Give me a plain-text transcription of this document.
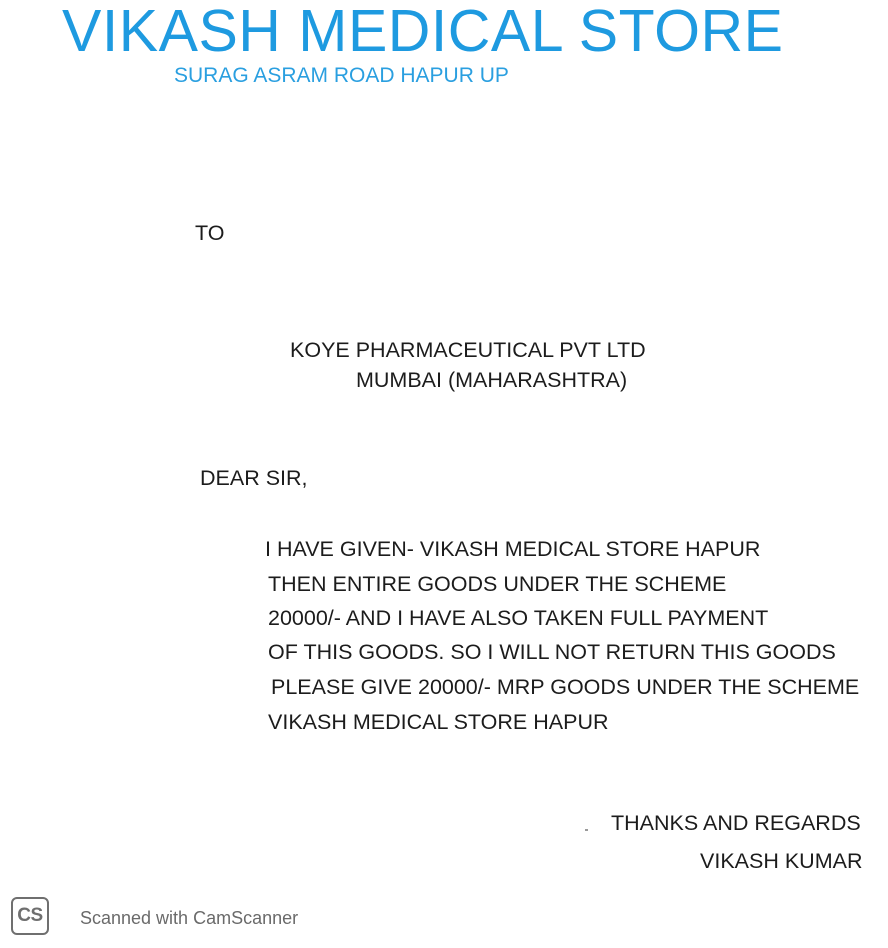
VIKASH MEDICAL STORE
SURAG ASRAM ROAD HAPUR UP
TO
KOYE PHARMACEUTICAL PVT LTD
MUMBAI (MAHARASHTRA)
DEAR SIR,
I HAVE GIVEN- VIKASH MEDICAL STORE HAPUR
THEN ENTIRE GOODS UNDER THE SCHEME
20000/- AND I HAVE ALSO TAKEN FULL PAYMENT
OF THIS GOODS. SO I WILL NOT RETURN THIS GOODS
PLEASE GIVE 20000/- MRP GOODS UNDER THE SCHEME
VIKASH MEDICAL STORE HAPUR
THANKS AND REGARDS
VIKASH KUMAR
CS	Scanned with CamScanner
